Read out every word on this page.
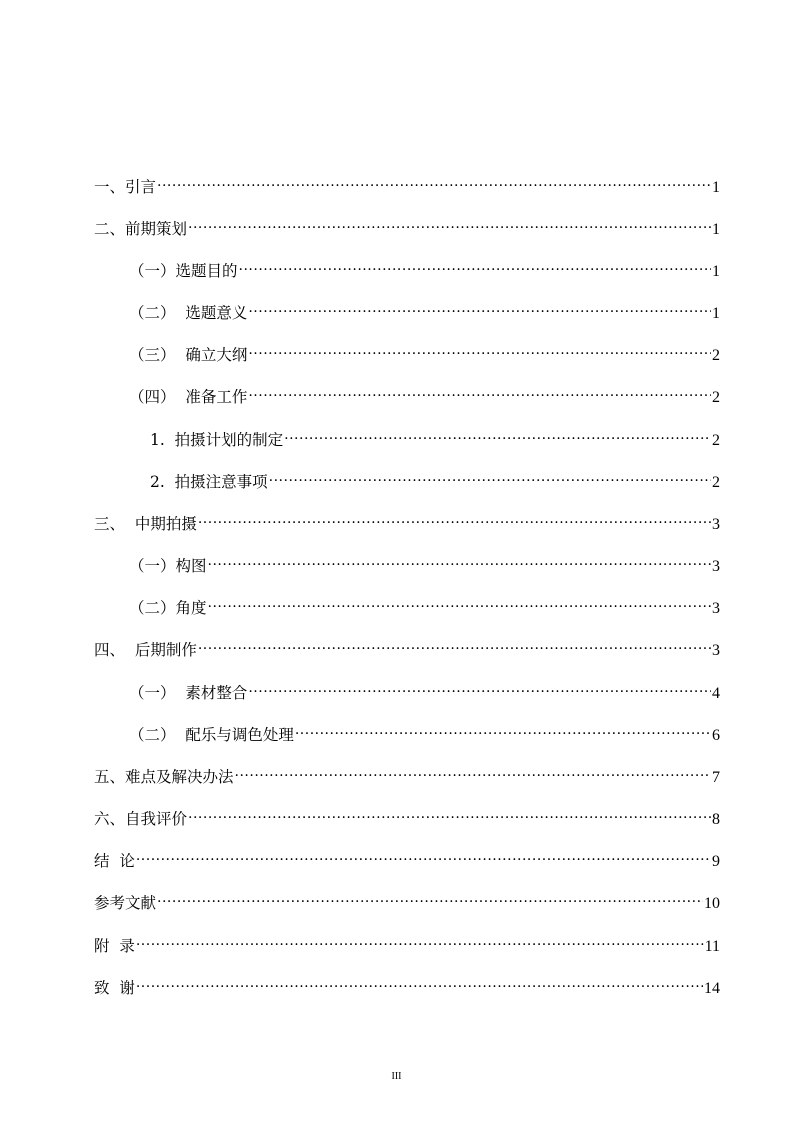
一、引言 .....	1
二、前期策划 .....	1
（一）选题目的 .....	1
（二）  选题意义 .....	1
（三）  确立大纲 .....	2
（四）  准备工作 .....	2
1.  拍摄计划的制定 .....	2
2.  拍摄注意事项 .....	2
三、  中期拍摄 .....	3
（一）构图 .....	3
（二）角度 .....	3
四、  后期制作 .....	3
（一）  素材整合 .....	4
（二）  配乐与调色处理 .....	6
五、难点及解决办法 .....	7
六、自我评价 .....	8
结  论 .....	9
参考文献 .....	10
附  录 .....	11
致  谢 .....	14
III
